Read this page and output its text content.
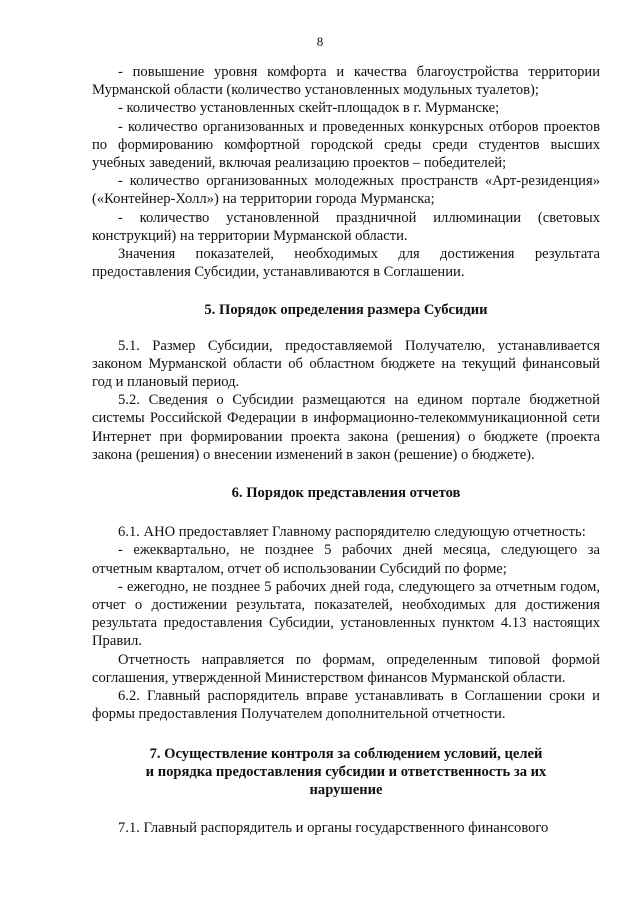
8

- повышение уровня комфорта и качества благоустройства территории Мурманской области (количество установленных модульных туалетов);

- количество установленных скейт-площадок в г. Мурманске;

- количество организованных и проведенных конкурсных отборов проектов по формированию комфортной городской среды среди студентов высших учебных заведений, включая реализацию проектов – победителей;

- количество организованных молодежных пространств «Арт-резиденция» («Контейнер-Холл») на территории города Мурманска;

- количество установленной праздничной иллюминации (световых конструкций) на территории Мурманской области.

Значения показателей, необходимых для достижения результата предоставления Субсидии, устанавливаются в Соглашении.

5. Порядок определения размера Субсидии

5.1. Размер Субсидии, предоставляемой Получателю, устанавливается законом Мурманской области об областном бюджете на текущий финансовый год и плановый период.

5.2. Сведения о Субсидии размещаются на едином портале бюджетной системы Российской Федерации в информационно-телекоммуникационной сети Интернет при формировании проекта закона (решения) о бюджете (проекта закона (решения) о внесении изменений в закон (решение) о бюджете).

6. Порядок представления отчетов

6.1. АНО предоставляет Главному распорядителю следующую отчетность:

- ежеквартально, не позднее 5 рабочих дней месяца, следующего за отчетным кварталом, отчет об использовании Субсидий по форме;

- ежегодно, не позднее 5 рабочих дней года, следующего за отчетным годом, отчет о достижении результата, показателей, необходимых для достижения результата предоставления Субсидии, установленных пунктом 4.13 настоящих Правил.

Отчетность направляется по формам, определенным типовой формой соглашения, утвержденной Министерством финансов Мурманской области.

6.2. Главный распорядитель вправе устанавливать в Соглашении сроки и формы предоставления Получателем дополнительной отчетности.

7. Осуществление контроля за соблюдением условий, целей
и порядка предоставления субсидии и ответственность за их
нарушение

7.1. Главный распорядитель и органы государственного финансового
